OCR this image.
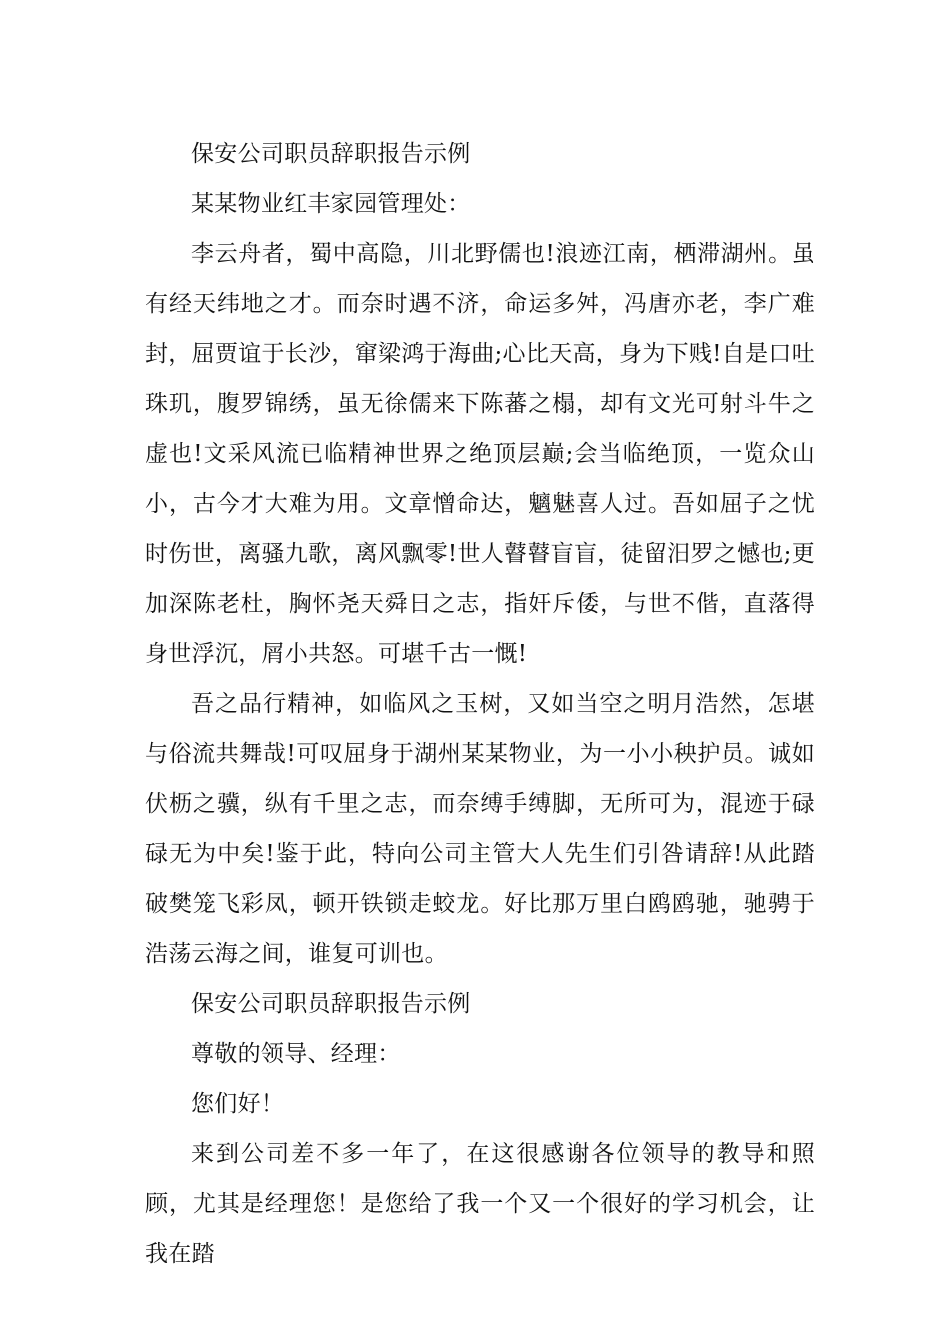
保安公司职员辞职报告示例

某某物业红丰家园管理处：

李云舟者，蜀中高隐，川北野儒也!浪迹江南，栖滞湖州。虽有经天纬地之才。而奈时遇不济，命运多舛，冯唐亦老，李广难封，屈贾谊于长沙，窜梁鸿于海曲;心比天高，身为下贱!自是口吐珠玑，腹罗锦绣，虽无徐儒来下陈蕃之榻，却有文光可射斗牛之虚也!文采风流已临精神世界之绝顶层巅;会当临绝顶，一览众山小，古今才大难为用。文章憎命达，魑魅喜人过。吾如屈子之忧时伤世，离骚九歌，离风飘零!世人瞽瞽盲盲，徒留汨罗之憾也;更加深陈老杜，胸怀尧天舜日之志，指奸斥倭，与世不偕，直落得身世浮沉，屑小共怒。可堪千古一慨!

吾之品行精神，如临风之玉树，又如当空之明月浩然，怎堪与俗流共舞哉!可叹屈身于湖州某某物业，为一小小秧护员。诚如伏枥之骥，纵有千里之志，而奈缚手缚脚，无所可为，混迹于碌碌无为中矣!鉴于此，特向公司主管大人先生们引咎请辞!从此踏破樊笼飞彩凤，顿开铁锁走蛟龙。好比那万里白鸥鸥驰，驰骋于浩荡云海之间，谁复可训也。

保安公司职员辞职报告示例

尊敬的领导、经理：

您们好！

来到公司差不多一年了，在这很感谢各位领导的教导和照顾，尤其是经理您！是您给了我一个又一个很好的学习机会，让我在踏
